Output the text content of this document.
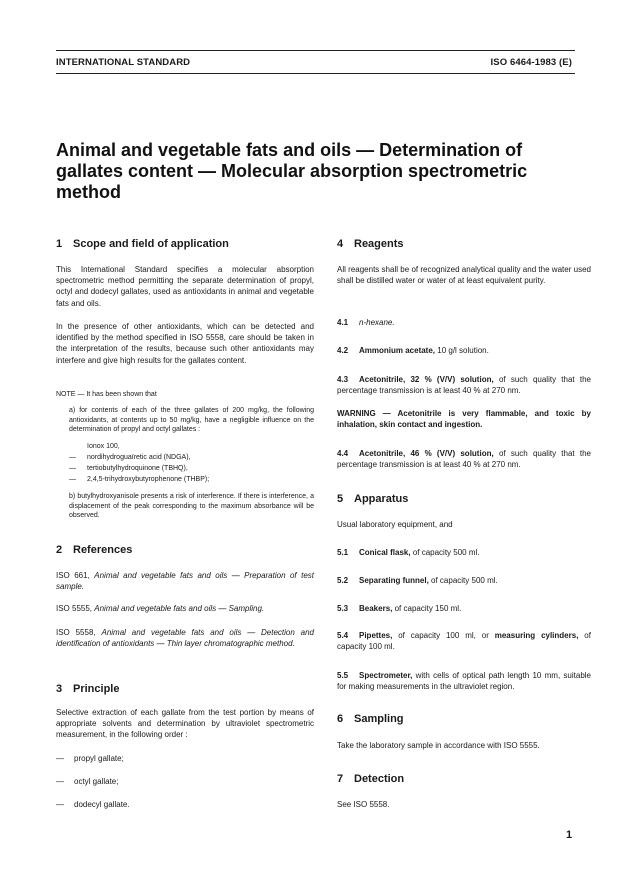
INTERNATIONAL STANDARD	ISO 6464-1983 (E)
Animal and vegetable fats and oils — Determination of
gallates content — Molecular absorption spectrometric
method
1 Scope and field of application
This International Standard specifies a molecular absorption spectrometric method permitting the separate determination of propyl, octyl and dodecyl gallates, used as antioxidants in animal and vegetable fats and oils.
In the presence of other antioxidants, which can be detected and identified by the method specified in ISO 5558, care should be taken in the interpretation of the results, because such other antioxidants may interfere and give high results for the gallates content.
NOTE — It has been shown that
a) for contents of each of the three gallates of 200 mg/kg, the following antioxidants, at contents up to 50 mg/kg, have a negligible influence on the determination of propyl and octyl gallates :
Ionox 100,
— nordihydroguaïretic acid (NDGA),
— tertiobutylhydroquinone (TBHQ),
— 2,4,5-trihydroxybutyrophenone (THBP);
b) butylhydroxyanisole presents a risk of interference. If there is interference, a displacement of the peak corresponding to the maximum absorbance will be observed.
2 References
ISO 661, Animal and vegetable fats and oils — Preparation of test sample.
ISO 5555, Animal and vegetable fats and oils — Sampling.
ISO 5558, Animal and vegetable fats and oils — Detection and identification of antioxidants — Thin layer chromatographic method.
3 Principle
Selective extraction of each gallate from the test portion by means of appropriate solvents and determination by ultraviolet spectrometric measurement, in the following order :
— propyl gallate;
— octyl gallate;
— dodecyl gallate.
4 Reagents
All reagents shall be of recognized analytical quality and the water used shall be distilled water or water of at least equivalent purity.
4.1 n-hexane.
4.2 Ammonium acetate, 10 g/l solution.
4.3 Acetonitrile, 32 % (V/V) solution, of such quality that the percentage transmission is at least 40 % at 270 nm.
WARNING — Acetonitrile is very flammable, and toxic by inhalation, skin contact and ingestion.
4.4 Acetonitrile, 46 % (V/V) solution, of such quality that the percentage transmission is at least 40 % at 270 nm.
5 Apparatus
Usual laboratory equipment, and
5.1 Conical flask, of capacity 500 ml.
5.2 Separating funnel, of capacity 500 ml.
5.3 Beakers, of capacity 150 ml.
5.4 Pipettes, of capacity 100 ml, or measuring cylinders, of capacity 100 ml.
5.5 Spectrometer, with cells of optical path length 10 mm, suitable for making measurements in the ultraviolet region.
6 Sampling
Take the laboratory sample in accordance with ISO 5555.
7 Detection
See ISO 5558.
1
